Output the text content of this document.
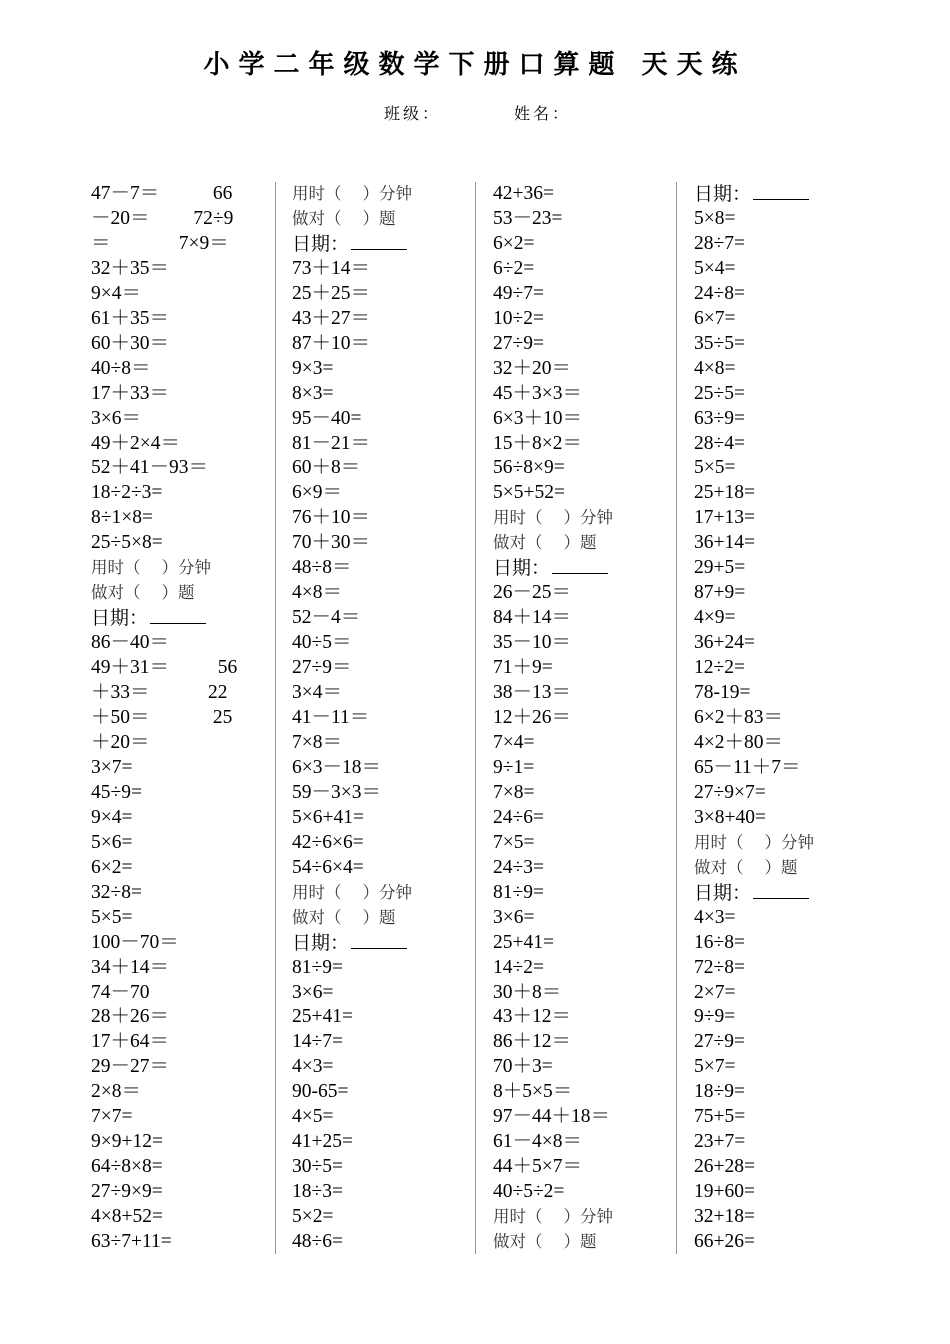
小学二年级数学下册口算题 天天练
班级：	姓名：
47－7＝           66
－20＝         72÷9
＝              7×9＝
32＋35＝
9×4＝
61＋35＝
60＋30＝
40÷8＝
17＋33＝
3×6＝
49＋2×4＝
52＋41－93＝
18÷2÷3=
8÷1×8=
25÷5×8=
用时（    ）分钟
做对（    ）题
日期：
86－40＝
49＋31＝          56
＋33＝            22
＋50＝             25
＋20＝
3×7=
45÷9=
9×4=
5×6=
6×2=
32÷8=
5×5=
100－70＝
34＋14＝
74－70
28＋26＝
17＋64＝
29－27＝
2×8＝
7×7=
9×9+12=
64÷8×8=
27÷9×9=
4×8+52=
63÷7+11=
用时（    ）分钟
做对（    ）题
日期：
73＋14＝
25＋25＝
43＋27＝
87＋10＝
9×3=
8×3=
95－40=
81－21＝
60＋8＝
6×9＝
76＋10＝
70＋30＝
48÷8＝
4×8＝
52－4＝
40÷5＝
27÷9＝
3×4＝
41－11＝
7×8＝
6×3－18＝
59－3×3＝
5×6+41=
42÷6×6=
54÷6×4=
用时（    ）分钟
做对（    ）题
日期：
81÷9=
3×6=
25+41=
14÷7=
4×3=
90-65=
4×5=
41+25=
30÷5=
18÷3=
5×2=
48÷6=
42+36=
53－23=
6×2=
6÷2=
49÷7=
10÷2=
27÷9=
32＋20＝
45＋3×3＝
6×3＋10＝
15＋8×2＝
56÷8×9=
5×5+52=
用时（    ）分钟
做对（    ）题
日期：
26－25＝
84＋14＝
35－10＝
71＋9=
38－13＝
12＋26＝
7×4=
9÷1=
7×8=
24÷6=
7×5=
24÷3=
81÷9=
3×6=
25+41=
14÷2=
30＋8＝
43＋12＝
86＋12＝
70＋3=
8＋5×5＝
97－44＋18＝
61－4×8＝
44＋5×7＝
40÷5÷2=
用时（    ）分钟
做对（    ）题
日期：
5×8=
28÷7=
5×4=
24÷8=
6×7=
35÷5=
4×8=
25÷5=
63÷9=
28÷4=
5×5=
25+18=
17+13=
36+14=
29+5=
87+9=
4×9=
36+24=
12÷2=
78-19=
6×2＋83＝
4×2＋80＝
65－11＋7＝
27÷9×7=
3×8+40=
用时（    ）分钟
做对（    ）题
日期：
4×3=
16÷8=
72÷8=
2×7=
9÷9=
27÷9=
5×7=
18÷9=
75+5=
23+7=
26+28=
19+60=
32+18=
66+26=
